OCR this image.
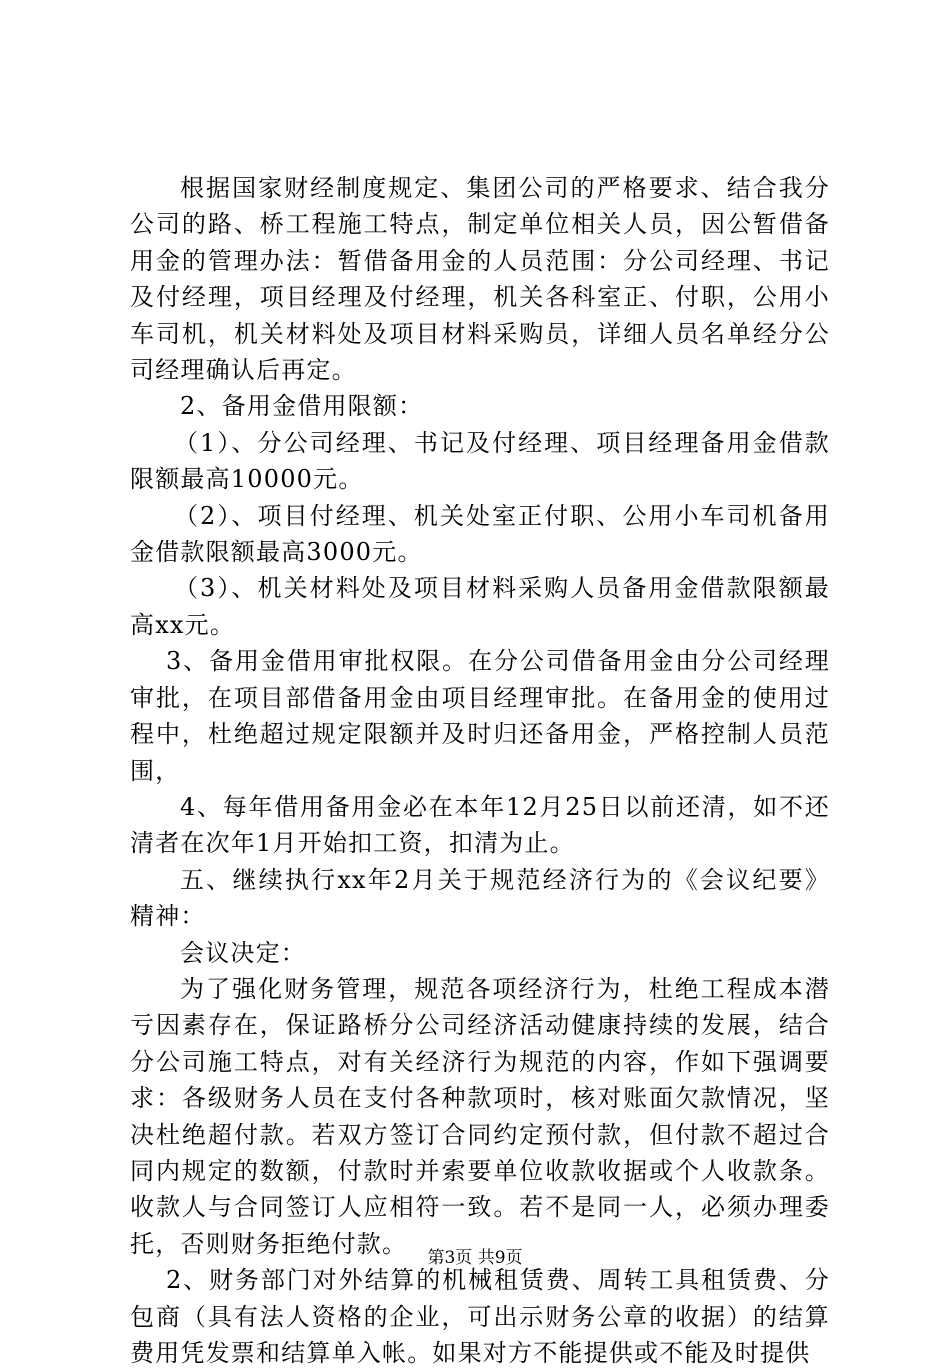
根据国家财经制度规定、集团公司的严格要求、结合我分公司的路、桥工程施工特点，制定单位相关人员，因公暂借备用金的管理办法：暂借备用金的人员范围：分公司经理、书记及付经理，项目经理及付经理，机关各科室正、付职，公用小车司机，机关材料处及项目材料采购员，详细人员名单经分公司经理确认后再定。

2、备用金借用限额：

（1）、分公司经理、书记及付经理、项目经理备用金借款限额最高10000元。

（2）、项目付经理、机关处室正付职、公用小车司机备用金借款限额最高3000元。

（3）、机关材料处及项目材料采购人员备用金借款限额最高xx元。

3、备用金借用审批权限。在分公司借备用金由分公司经理审批，在项目部借备用金由项目经理审批。在备用金的使用过程中，杜绝超过规定限额并及时归还备用金，严格控制人员范围，

4、每年借用备用金必在本年12月25日以前还清，如不还清者在次年1月开始扣工资，扣清为止。

五、继续执行xx年2月关于规范经济行为的《会议纪要》精神：

会议决定：

为了强化财务管理，规范各项经济行为，杜绝工程成本潜亏因素存在，保证路桥分公司经济活动健康持续的发展，结合分公司施工特点，对有关经济行为规范的内容，作如下强调要求：各级财务人员在支付各种款项时，核对账面欠款情况，坚决杜绝超付款。若双方签订合同约定预付款，但付款不超过合同内规定的数额，付款时并索要单位收款收据或个人收款条。收款人与合同签订人应相符一致。若不是同一人，必须办理委托，否则财务拒绝付款。

2、财务部门对外结算的机械租赁费、周转工具租赁费、分包商（具有法人资格的企业，可出示财务公章的收据）的结算费用凭发票和结算单入帐。如果对方不能提供或不能及时提供

第3页 共9页
